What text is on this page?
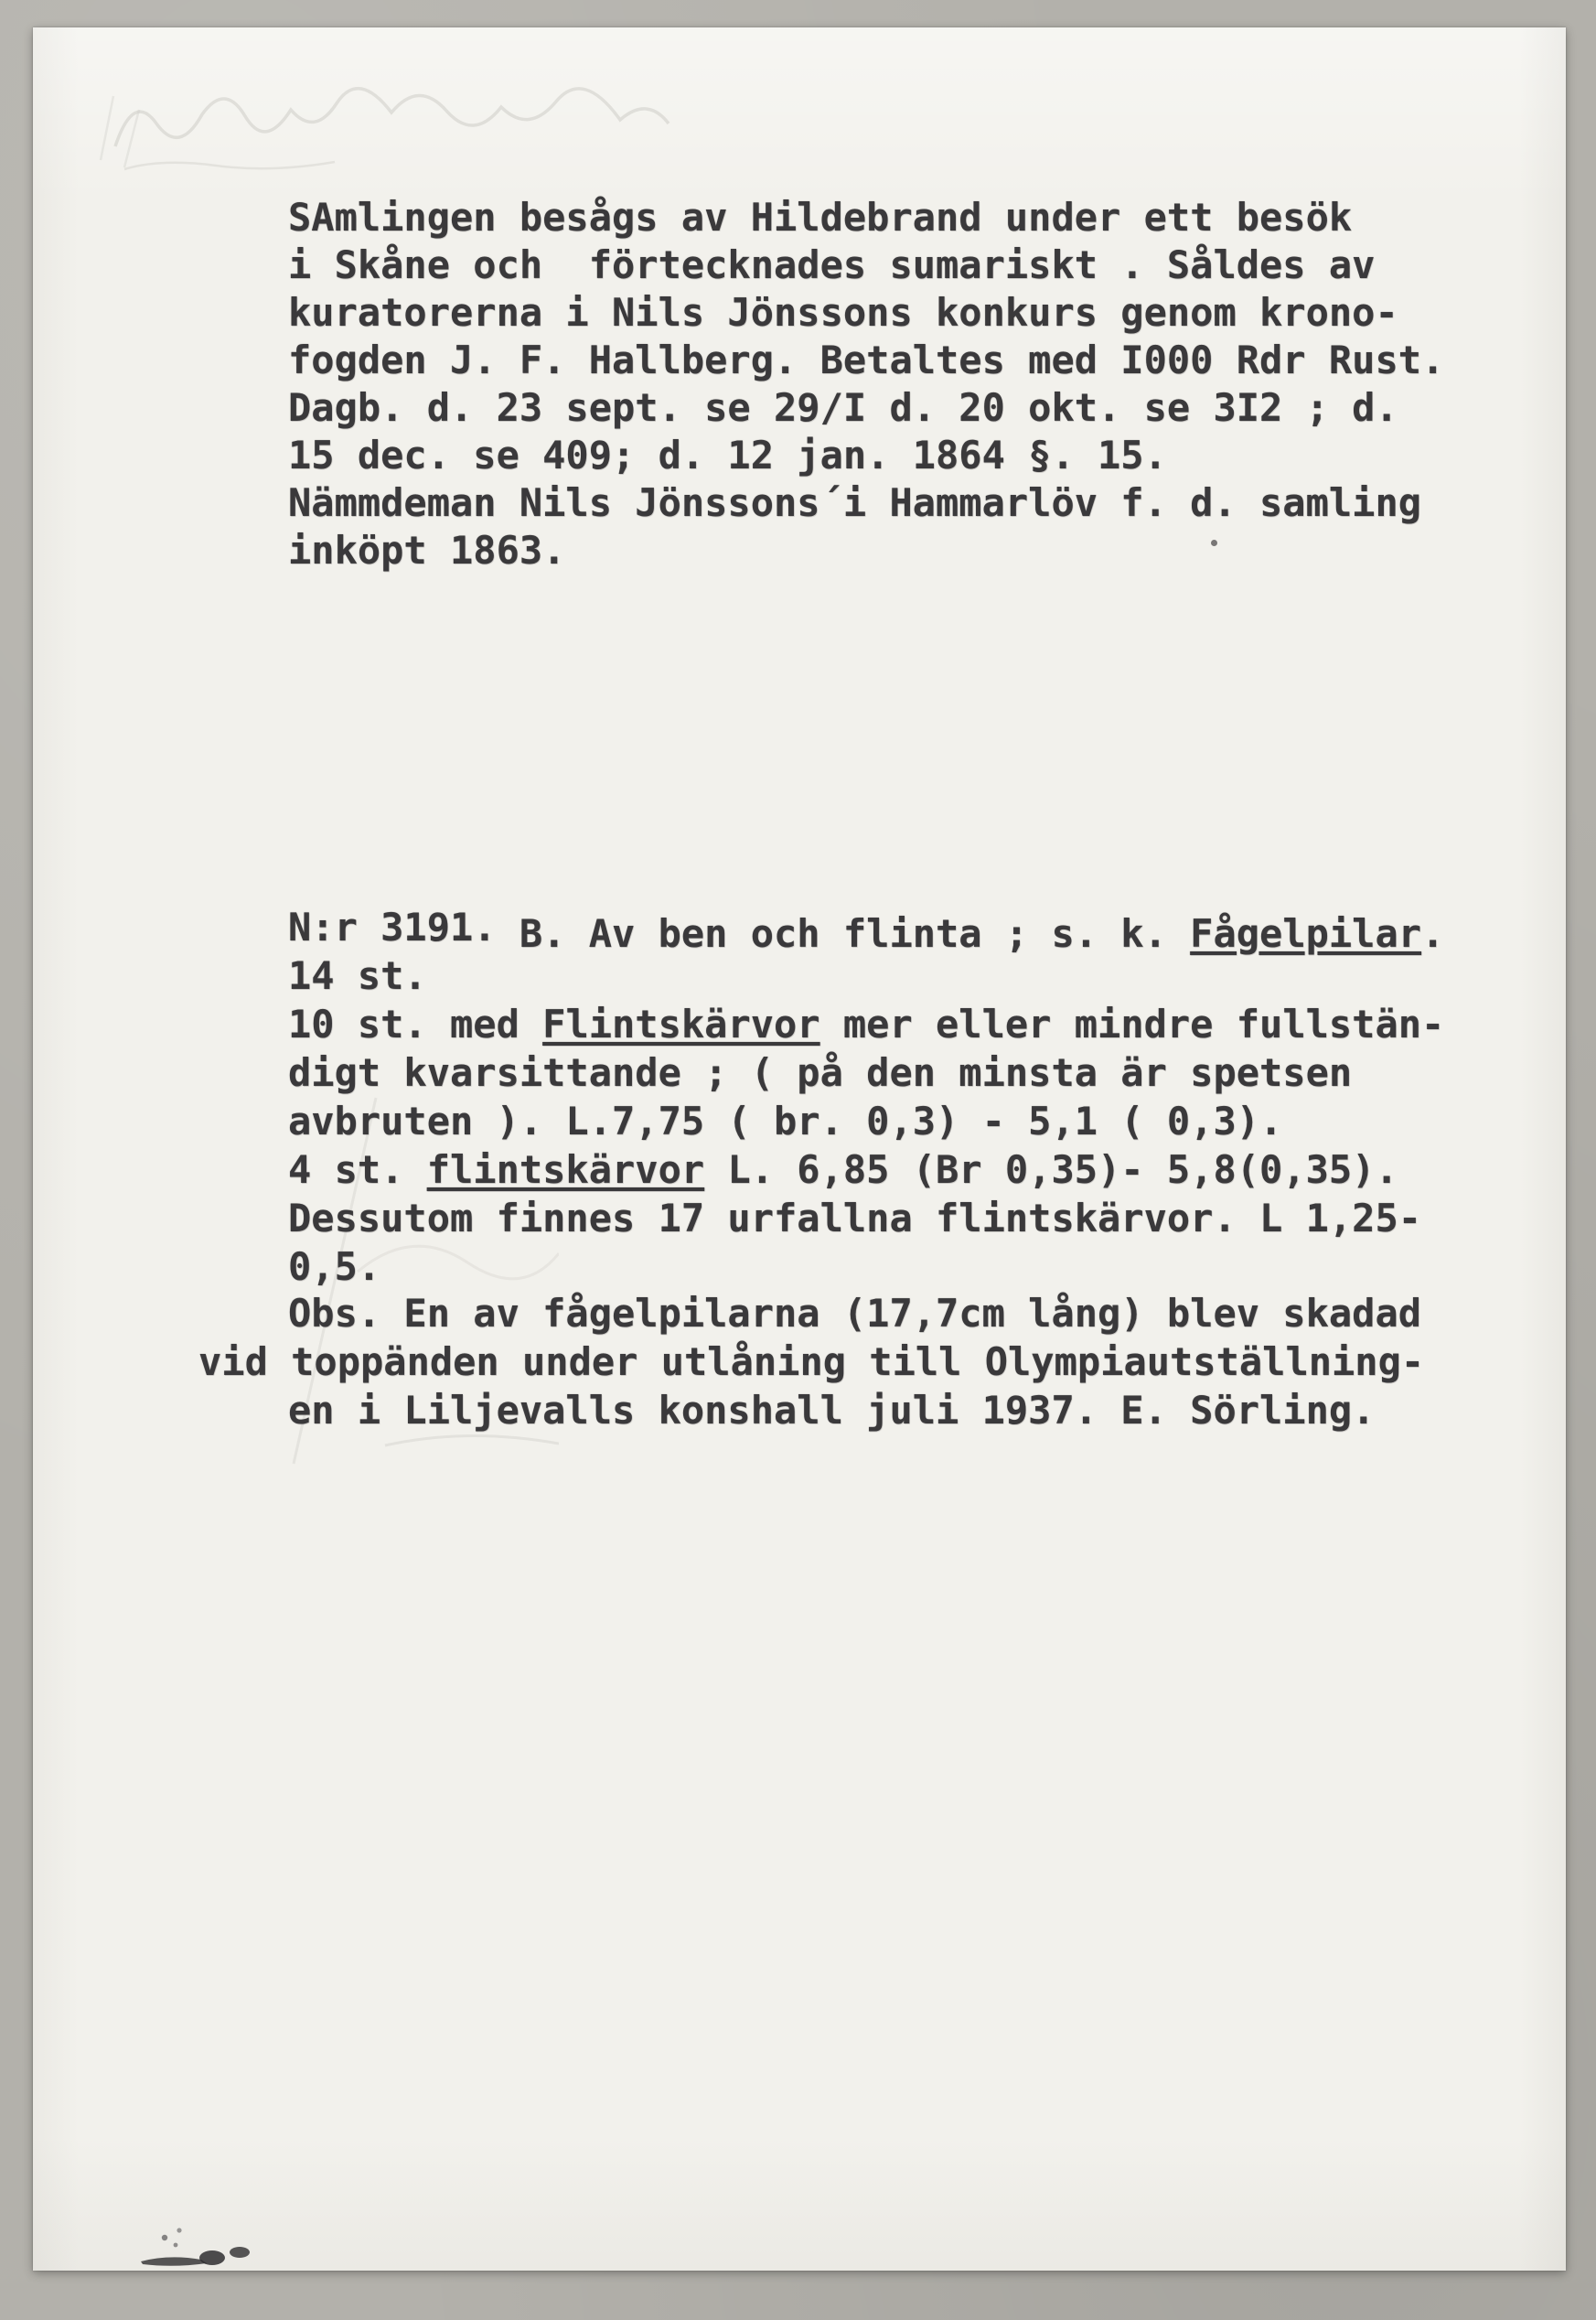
SAmlingen besågs av Hildebrand under ett besök
i Skåne och  förtecknades sumariskt . Såldes av
kuratorerna i Nils Jönssons konkurs genom krono-
fogden J. F. Hallberg. Betaltes med I000 Rdr Rust.
Dagb. d. 23 sept. se 29/I d. 20 okt. se 3I2 ; d.
15 dec. se 409; d. 12 jan. 1864 §. 15.
Nämmdeman Nils Jönssons´i Hammarlöv f. d. samling
inköpt 1863.
N:r 3191. B. Av ben och flinta ; s. k. Fågelpilar.
14 st.
10 st. med Flintskärvor mer eller mindre fullstän-
digt kvarsittande ; ( på den minsta är spetsen
avbruten ). L.7,75 ( br. 0,3) - 5,1 ( 0,3).
4 st. flintskärvor L. 6,85 (Br 0,35)- 5,8(0,35).
Dessutom finnes 17 urfallna flintskärvor. L 1,25-
0,5.
Obs. En av fågelpilarna (17,7cm lång) blev skadad
vid toppänden under utlåning till Olympiautställning-
en i Liljevalls konshall juli 1937. E. Sörling.
